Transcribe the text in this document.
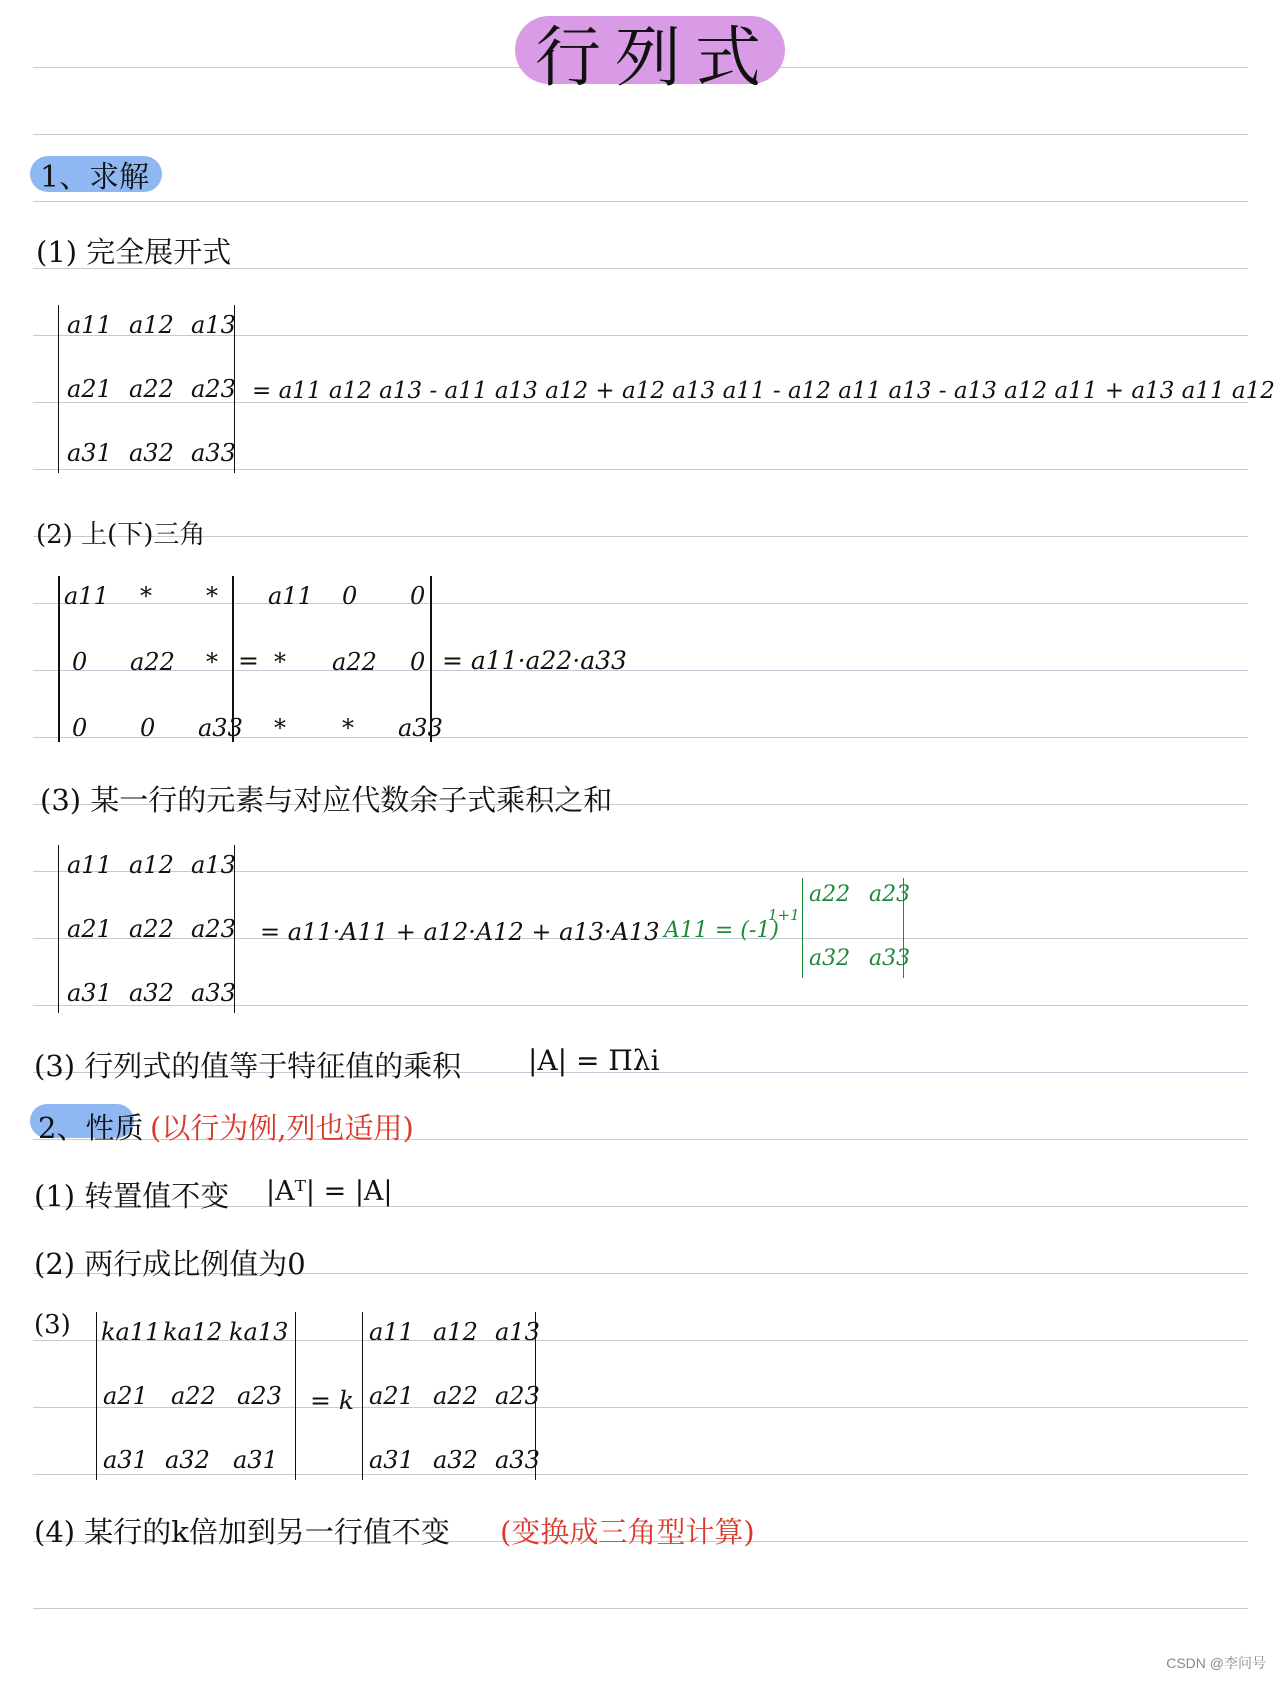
行列式
1、求解
(1) 完全展开式
a11 a12 a13
a21 a22 a23
a31 a32 a33
= a11 a12 a13 - a11 a13 a12 + a12 a13 a11 - a12 a11 a13 - a13 a12 a11 + a13 a11 a12
(2) 上(下)三角
a11 * *
0 a22 *
0 0 a33
=
a11 0 0
* a22 0
* * a33
= a11·a22·a33
(3) 某一行的元素与对应代数余子式乘积之和
a11 a12 a13
a21 a22 a23
a31 a32 a33
= a11·A11 + a12·A12 + a13·A13 A11 = (-1)
1+1
a22 a23
a32 a33
(3) 行列式的值等于特征值的乘积 |A| = Πλi
2、性质 (以行为例,列也适用)
(1) 转置值不变 |Aᵀ| = |A|
(2) 两行成比例值为0
(3) ka11 ka12 ka13
a21 a22 a23
a31 a32 a31
= k
a11 a12 a13
a21 a22 a23
a31 a32 a33
(4) 某行的k倍加到另一行值不变 (变换成三角型计算)
CSDN @李问号
